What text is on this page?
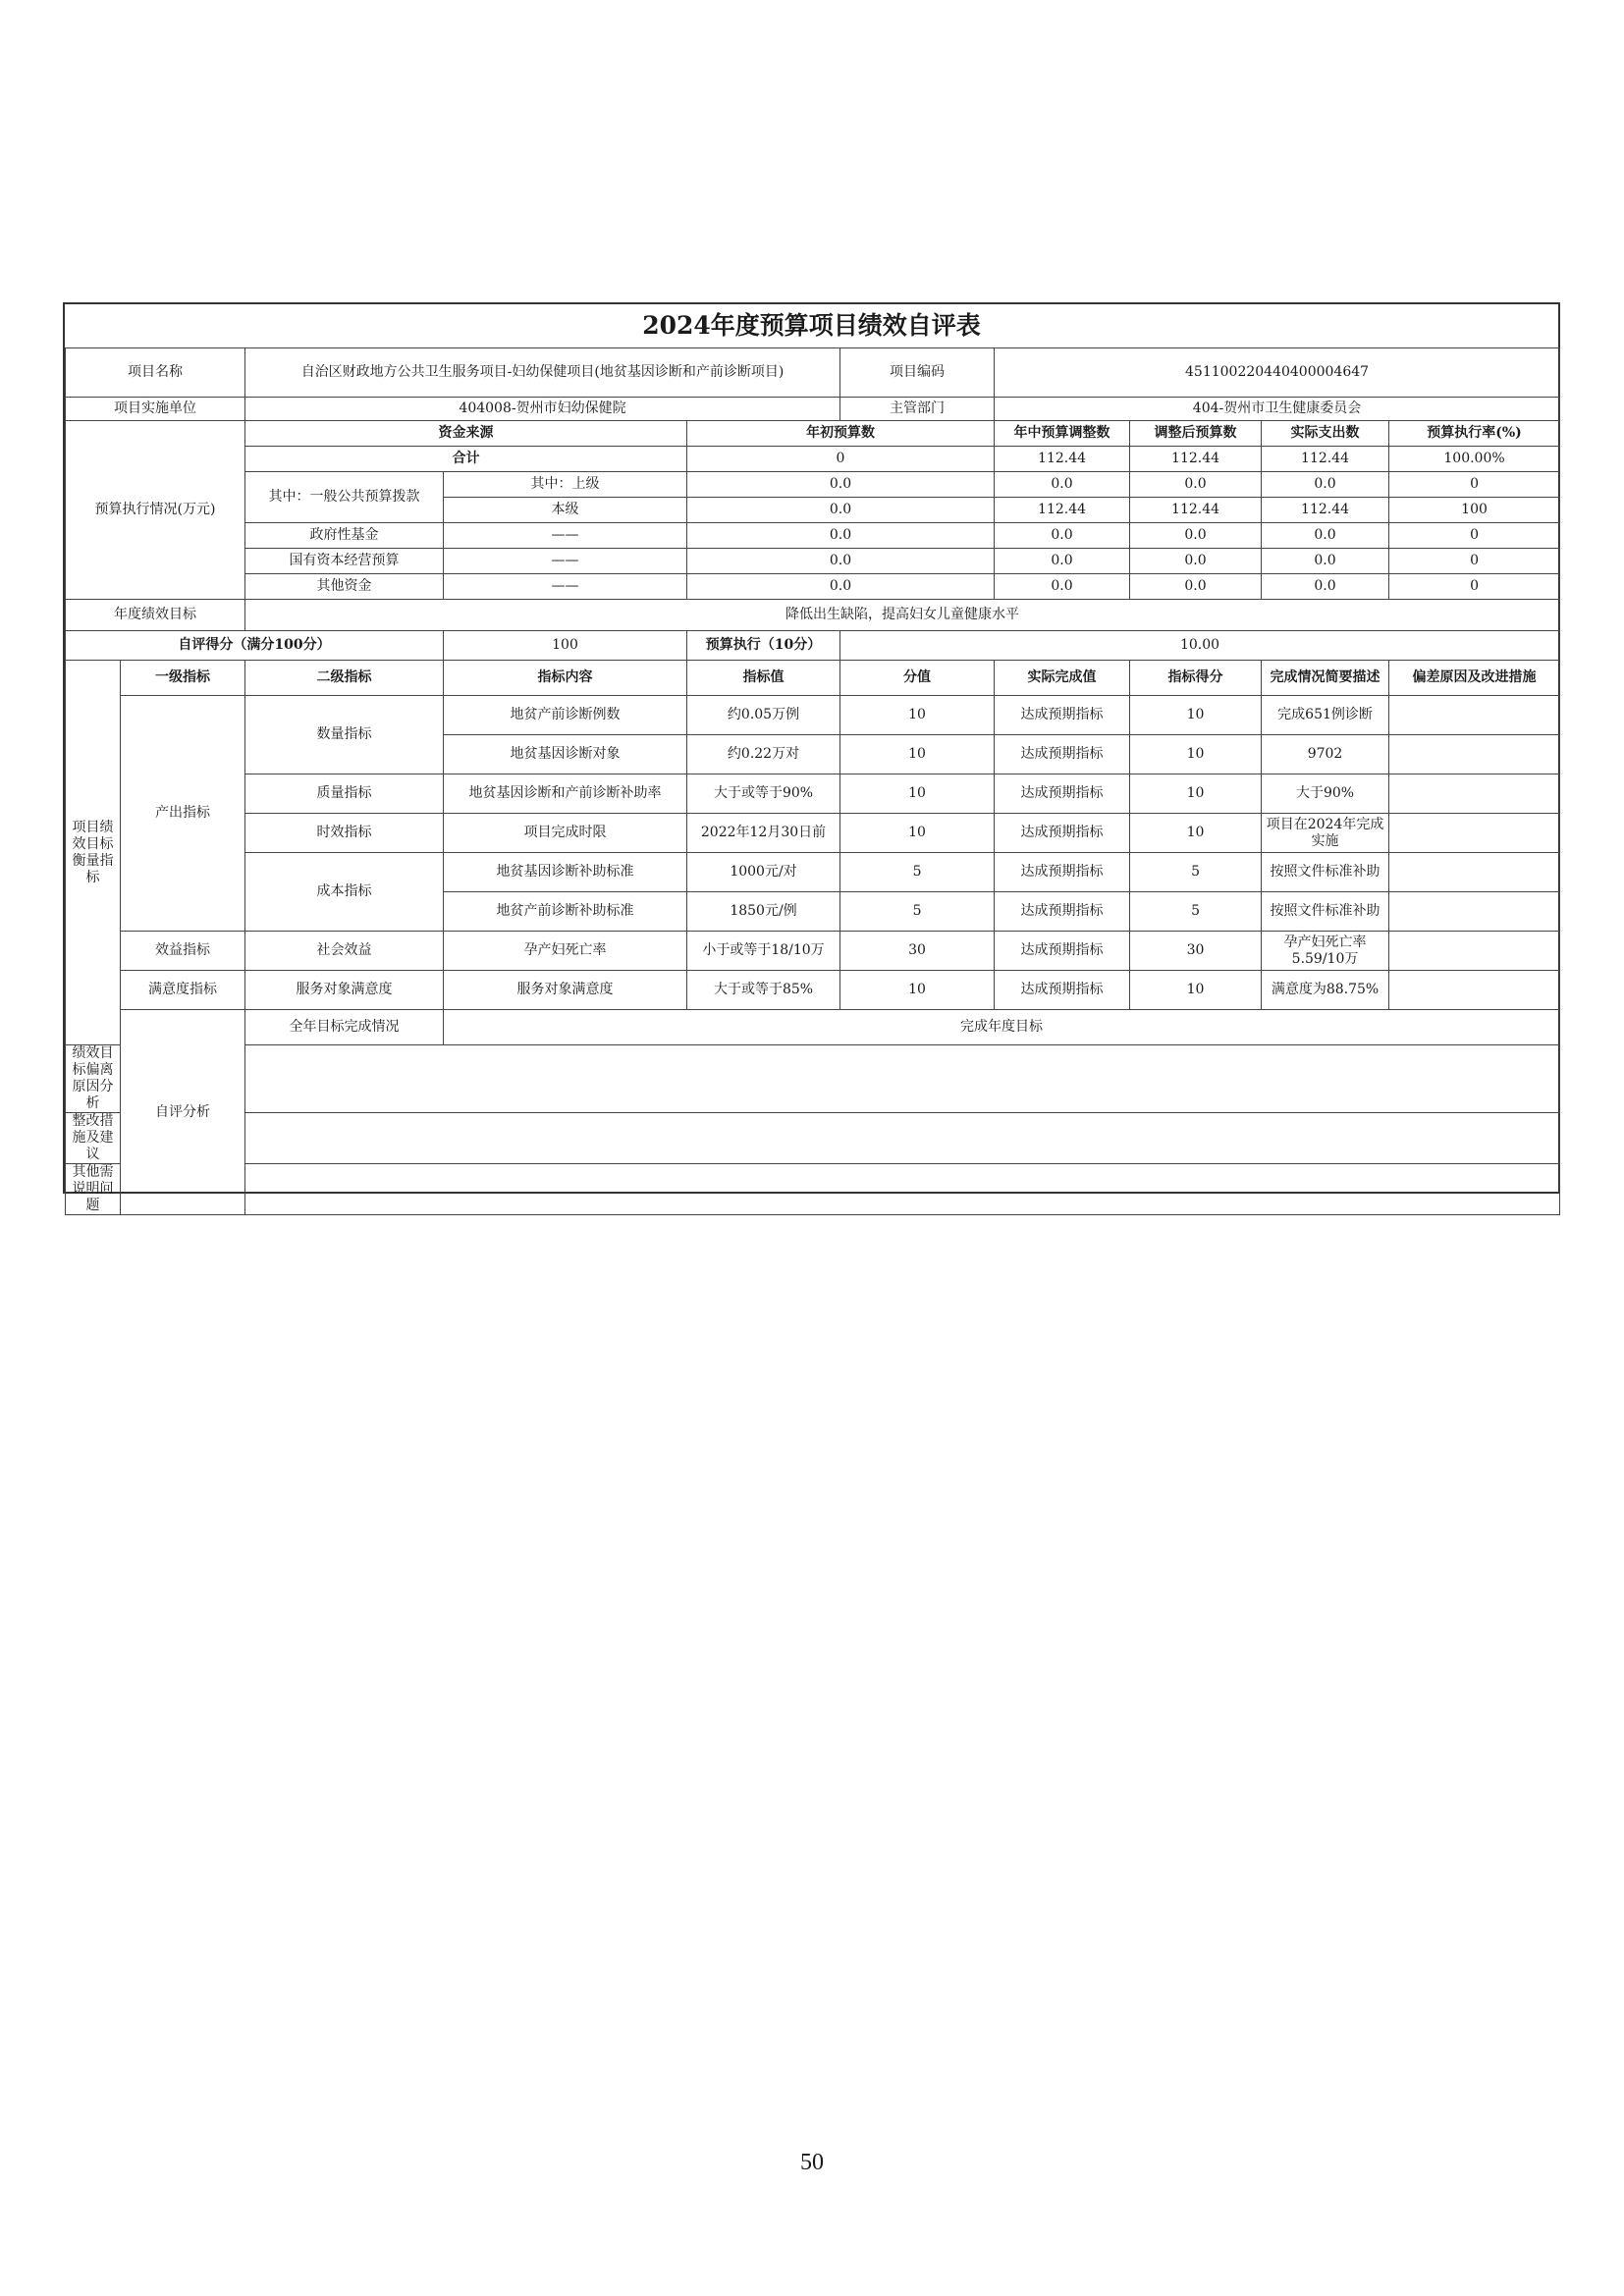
2024年度预算项目绩效自评表
项目名称		自治区财政地方公共卫生服务项目-妇幼保健项目(地贫基因诊断和产前诊断项目)			项目编码	45110022044040000464​7			
项目实施单位		404008-贺州市妇幼保健院			主管部门	404-贺州市卫生健康委员会			
预算执行情况(万元)		资金来源		年初预算数		年中预算调整数	调整后预算数	实际支出数	预算执行率(%)
		合计		0		112.44	112.44	112.44	100.00%
		其中：一般公共预算拨款	其中：上级	0.0		0.0	0.0	0.0	0
			本级	0.0		112.44	112.44	112.44	100
		政府性基金	——	0.0		0.0	0.0	0.0	0
		国有资本经营预算	——	0.0		0.0	0.0	0.0	0
		其他资金	——	0.0		0.0	0.0	0.0	0
年度绩效目标		降低出生缺陷，提高妇女儿童健康水平							
自评得分（满分100分）			100	预算执行（10分）	10.00				
项目绩效目标衡量指标	一级指标	二级指标	指标内容	指标值	分值	实际完成值	指标得分	完成情况简要描述	偏差原因及改进措施
	产出指标	数量指标	地贫产前诊断例数	约0.05万例	10	达成预期指标	10	完成651例诊断	
			地贫基因诊断对象	约0.22万对	10	达成预期指标	10	9702	
		质量指标	地贫基因诊断和产前诊断补助率	大于或等于90%	10	达成预期指标	10	大于90%	
		时效指标	项目完成时限	2022年12月30日前	10	达成预期指标	10	项目在2024年完成实施	
		成本指标	地贫基因诊断补助标准	1000元/对	5	达成预期指标	5	按照文件标准补助	
			地贫产前诊断补助标准	1850元/例	5	达成预期指标	5	按照文件标准补助	
	效益指标	社会效益	孕产妇死亡率	小于或等于18/10万	30	达成预期指标	30	孕产妇死亡率5.59/10万	
	满意度指标	服务对象满意度	服务对象满意度	大于或等于85%	10	达成预期指标	10	满意度为88.75%	
	自评分析	全年目标完成情况	完成年度目标						
绩效目标偏离原因分析									
整改措施及建议									
其他需说明问题									
50
